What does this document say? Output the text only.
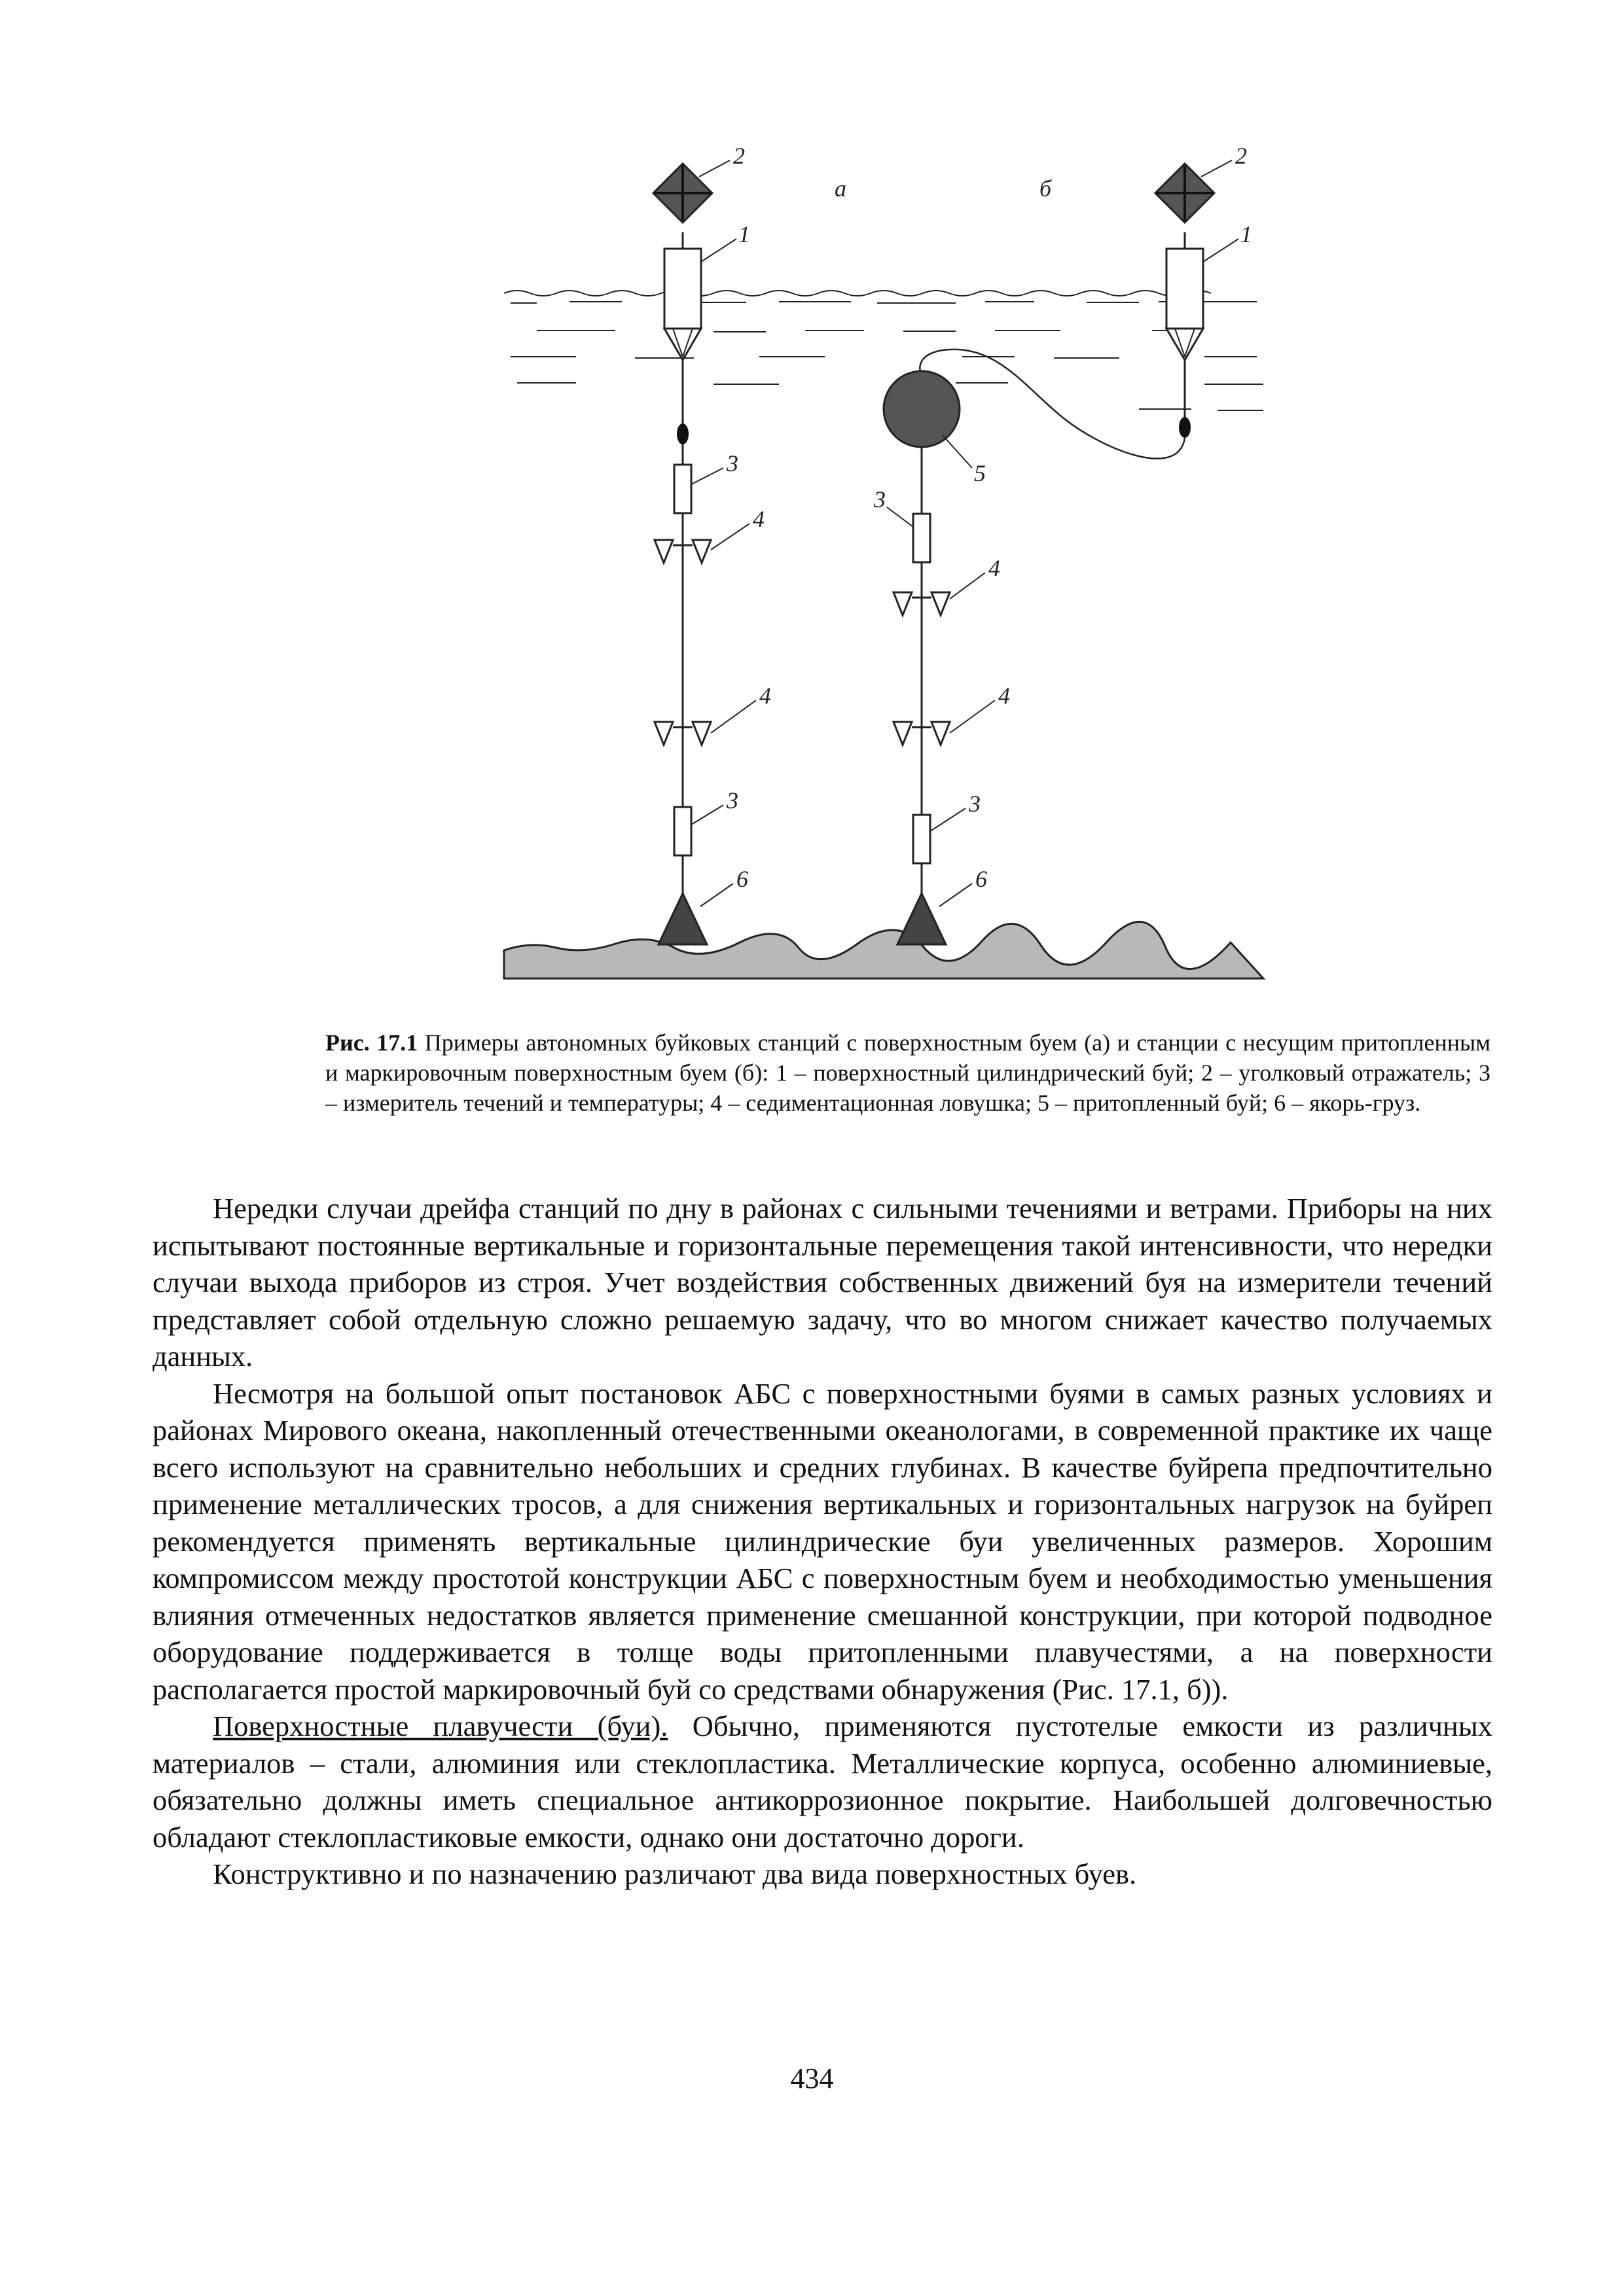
а	б
2
1
3
4
4
3
6
2
1
5
3
4
4
3
6

Рис. 17.1 Примеры автономных буйковых станций с поверхностным буем (а) и станции с несущим притопленным и маркировочным поверхностным буем (б): 1 – поверхностный цилиндрический буй; 2 – уголковый отражатель; 3 – измеритель течений и температуры; 4 – седиментационная ловушка; 5 – притопленный буй; 6 – якорь-груз.

Нередки случаи дрейфа станций по дну в районах с сильными течениями и ветрами. Приборы на них испытывают постоянные вертикальные и горизонтальные перемещения такой интенсивности, что нередки случаи выхода приборов из строя. Учет воздействия собственных движений буя на измерители течений представляет собой отдельную сложно решаемую задачу, что во многом снижает качество получаемых данных.

Несмотря на большой опыт постановок АБС с поверхностными буями в самых разных условиях и районах Мирового океана, накопленный отечественными океанологами, в современной практике их чаще всего используют на сравнительно небольших и средних глубинах. В качестве буйрепа предпочтительно применение металлических тросов, а для снижения вертикальных и горизонтальных нагрузок на буйреп рекомендуется применять вертикальные цилиндрические буи увеличенных размеров. Хорошим компромиссом между простотой конструкции АБС с поверхностным буем и необходимостью уменьшения влияния отмеченных недостатков является применение смешанной конструкции, при которой подводное оборудование поддерживается в толще воды притопленными плавучестями, а на поверхности располагается простой маркировочный буй со средствами обнаружения (Рис. 17.1, б)).

Поверхностные плавучести (буи). Обычно, применяются пустотелые емкости из различных материалов – стали, алюминия или стеклопластика. Металлические корпуса, особенно алюминиевые, обязательно должны иметь специальное антикоррозионное покрытие. Наибольшей долговечностью обладают стеклопластиковые емкости, однако они достаточно дороги.

Конструктивно и по назначению различают два вида поверхностных буев.

434
